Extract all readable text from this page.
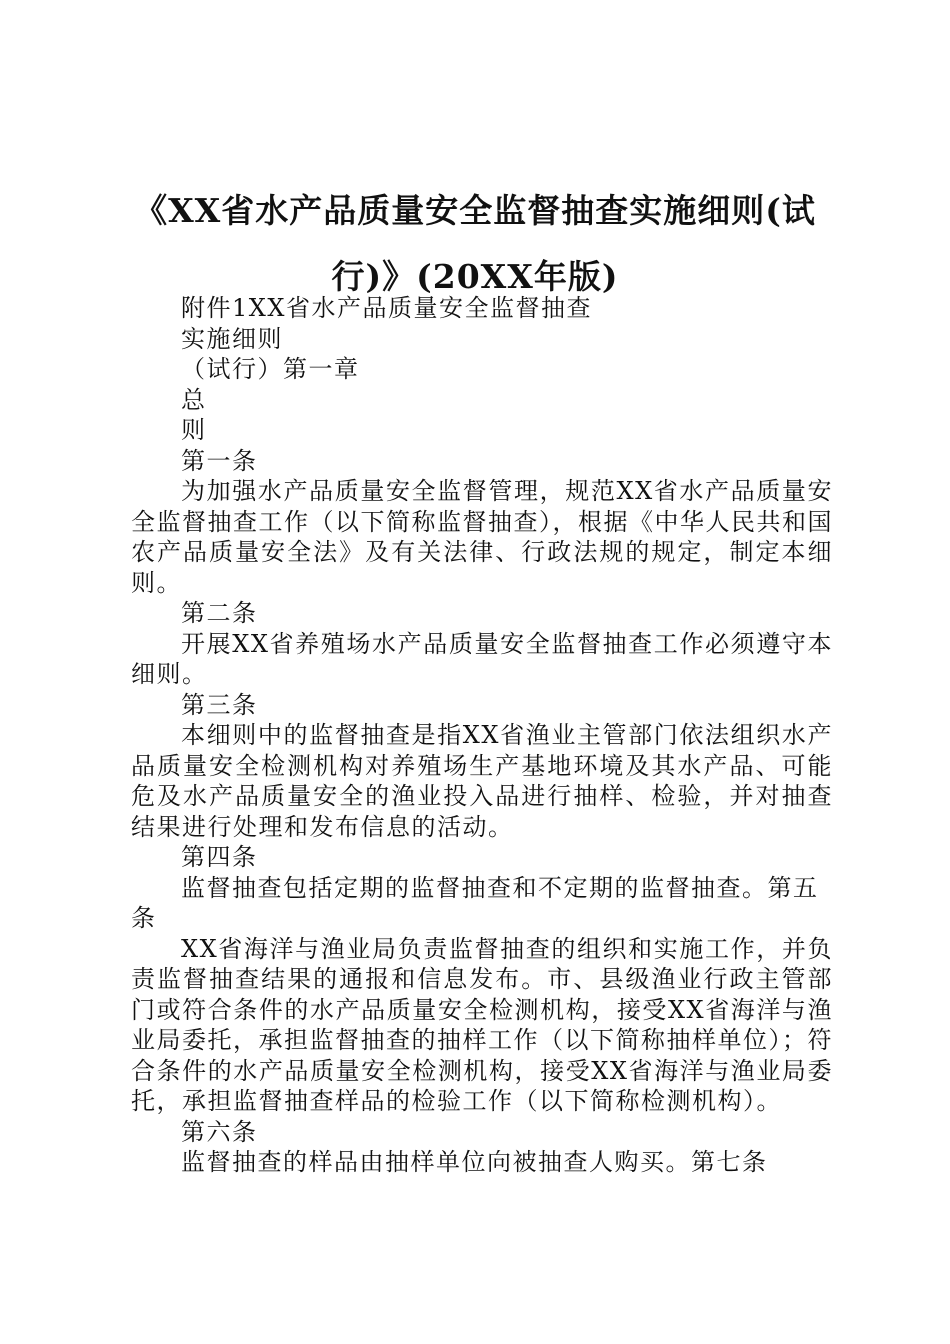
《XX省水产品质量安全监督抽查实施细则(试行)》(20XX年版)

附件1XX省水产品质量安全监督抽查

实施细则

（试行）第一章

总

则

第一条

为加强水产品质量安全监督管理，规范XX省水产品质量安全监督抽查工作（以下简称监督抽查），根据《中华人民共和国农产品质量安全法》及有关法律、行政法规的规定，制定本细则。

第二条

开展XX省养殖场水产品质量安全监督抽查工作必须遵守本细则。

第三条

本细则中的监督抽查是指XX省渔业主管部门依法组织水产品质量安全检测机构对养殖场生产基地环境及其水产品、可能危及水产品质量安全的渔业投入品进行抽样、检验，并对抽查结果进行处理和发布信息的活动。

第四条

监督抽查包括定期的监督抽查和不定期的监督抽查。第五

条

XX省海洋与渔业局负责监督抽查的组织和实施工作，并负责监督抽查结果的通报和信息发布。市、县级渔业行政主管部门或符合条件的水产品质量安全检测机构，接受XX省海洋与渔业局委托，承担监督抽查的抽样工作（以下简称抽样单位）；符合条件的水产品质量安全检测机构，接受XX省海洋与渔业局委托，承担监督抽查样品的检验工作（以下简称检测机构）。

第六条

监督抽查的样品由抽样单位向被抽查人购买。第七条
